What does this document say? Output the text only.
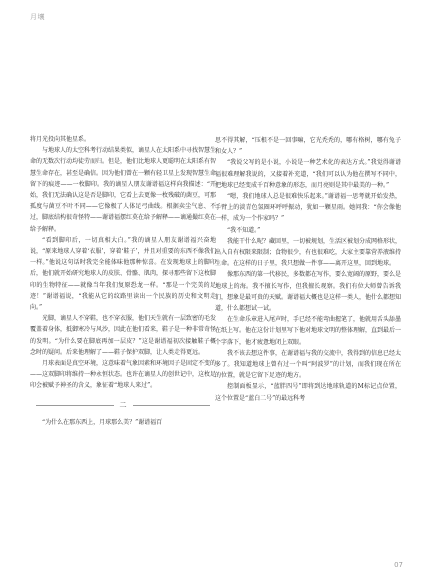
月壤

将月光投向其他星系。

与地球人的太空科考行动结果类似，谪星人在太阳系中寻找智慧生命的无数次行动均徒劳而归。但是，他们比地球人更聪明在太阳系有智慧生命存在，甚至是确信。因为他们曾在一颗有轻卫星上发现智慧生命留下的痕迹——一枚脚印。我的谪星人朋友谢谱福这样向我描述：“开始，我们无法确认这是否是脚印，它看上去更像一枚残破的菌豆，可那孤度与菌豆不叶不同——它像极了人体足弓曲线。根据卖尘气息、不过，脚底结构很奇怪特——谢谱福摆红莫在给予解释——谪通撮红莫在给予解释。

“看到脚印后，一切真相大白。”我的谪星人朋友谢谱福兴奋地说，“原来地球人穿着‘衣服’，穿着‘鞋子’，并且对重要的东西不像我们一样。”他说这句话时我完全能体味他那种惊喜。在发现地球上的脚印后，他们就开始研究地球人的皮肤、骨骼、肌肉，探寻那些留下这枚脚印的生物特征——就像当年我们复原恐龙一样。“那是一个完美的足迹！”谢谱福说，“我能从它的纹路里读出一个民族的历史和文明走向。”

光脚，谪星人不穿鞋，也不穿衣服，他们天生就有一层致密的毛发覆盖着身体，抵御寒冷与风沙，因此在他们看来，鞋子是一种非常奇怪的发明。“为什么要在脚底再加一层皮？”这是谢谱福初次接触鞋子概念时的疑问。后来他理解了——鞋子保护双脚，让人类走得更远。

月球表面是真空环境，这意味着气象因素和环境因子是固定不变的——这双脚印将维持一种永恒状态。也许在谪星人的创世记中，这枚足印会被赋予神圣的含义，象征着“地球人来过”。

二

“为什么在那东西上，月球那么美？”谢谱福百

思不得其解，“压根不是一回事嘛，它光秃秃的，哪有格树，哪有兔子和女人？”

“我说父写的是小说，小说是一种艺术化的表达方式。”我觉得谢谱福很难理解我说的，又接着补充道，“我们可以认为他在撰写不同中，把地球已经变成千百种意象的形态，而月亮则是其中最美的一种。”

“嗯，我们地球人总是很难快乐起来。”谢谱福一思考就开始发热，手臂上的淡青色氢圈环呼呼振动，犹如一颗星雨。她问我：“你会像他一样，成为一个作家吗？”

“我不知道。”

我能干什么呢？藏回里，一切被规划，生活区被划分成网格形状，出入自有权限来限制；食物很少，有也很难吃，大家主要靠营养液维持生命。在这样的日子里，我只想做一件事——离开这里，回到地球。

像那东西的第一代移民，多数都在写作，要么宽阔的原野，要么是地球上的海。我不擅长写作，但我擅长观察。我们有位大师曾告诉我们，想象是最可贵的天赋。谢谱福大概也是这样一类人，他什么都想知道，什么都想试一试。

在生命乐章进入尾声时，手已经不能弯曲握笔了，他就用舌头舔墨在纸上写。他在这份计划里写下他对地球文明的整体理解，直到最后一个字落下，他才疲惫地闭上双眼。

我不该去想这件事，在谢谱福与我的交流中，我得到的信息已经太多了。我知道地球上曾有过一个叫“阿波罗”的计划，而我们现在所在的位置，就是它留下足迹的地方。

控制面板显示，“蓝胖四号”即将到达地球轨道的M标记点位置，这个位置是“蓝白二号”的最远科考

07
